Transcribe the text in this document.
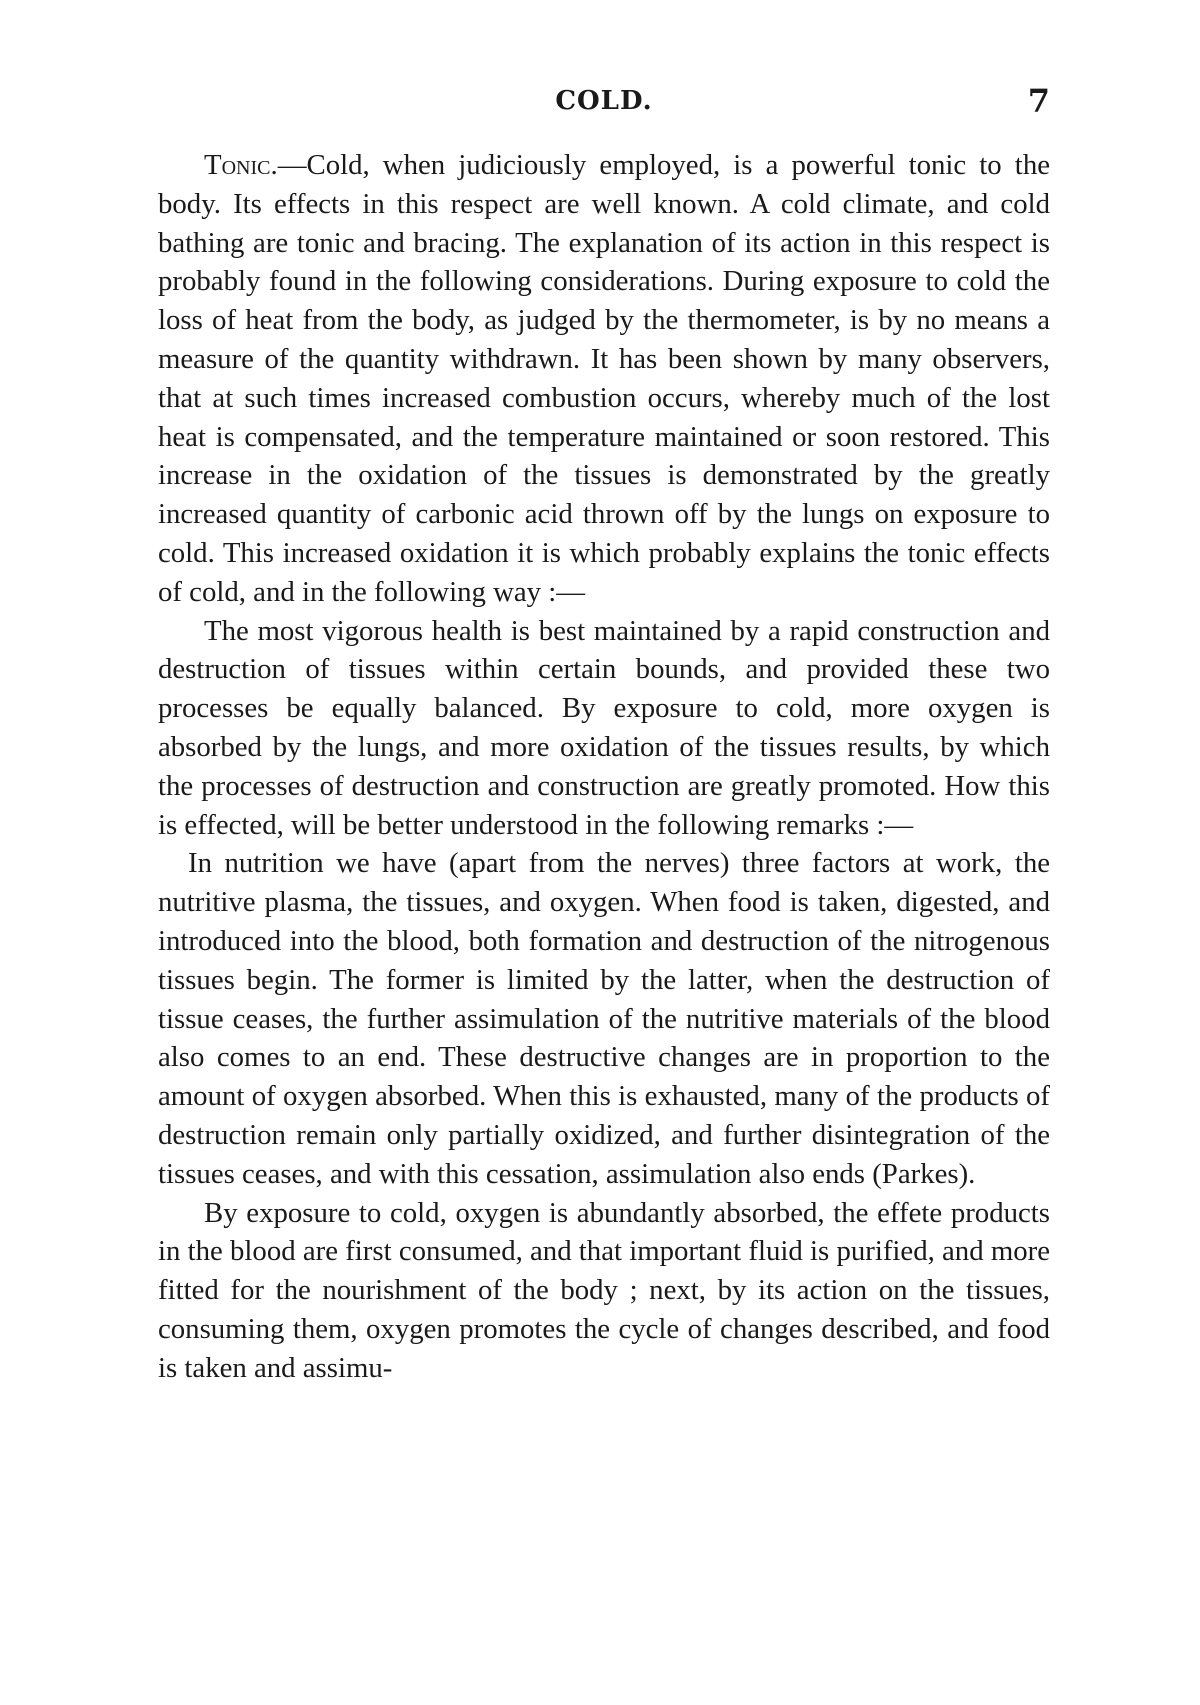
COLD.	7

Tonic.—Cold, when judiciously employed, is a powerful tonic to the body. Its effects in this respect are well known. A cold climate, and cold bathing are tonic and bracing. The explanation of its action in this respect is probably found in the following considerations. During exposure to cold the loss of heat from the body, as judged by the thermometer, is by no means a measure of the quantity withdrawn. It has been shown by many observers, that at such times increased combustion occurs, whereby much of the lost heat is compensated, and the temperature maintained or soon restored. This increase in the oxidation of the tissues is demonstrated by the greatly increased quantity of carbonic acid thrown off by the lungs on exposure to cold. This increased oxidation it is which probably explains the tonic effects of cold, and in the following way :—

The most vigorous health is best maintained by a rapid construction and destruction of tissues within certain bounds, and provided these two processes be equally balanced. By exposure to cold, more oxygen is absorbed by the lungs, and more oxidation of the tissues results, by which the processes of destruction and construction are greatly promoted. How this is effected, will be better understood in the following remarks :—

In nutrition we have (apart from the nerves) three factors at work, the nutritive plasma, the tissues, and oxygen. When food is taken, digested, and introduced into the blood, both formation and destruction of the nitrogenous tissues begin. The former is limited by the latter, when the destruction of tissue ceases, the further assimulation of the nutritive materials of the blood also comes to an end. These destructive changes are in proportion to the amount of oxygen absorbed. When this is exhausted, many of the products of destruction remain only partially oxidized, and further disintegration of the tissues ceases, and with this cessation, assimulation also ends (Parkes).

By exposure to cold, oxygen is abundantly absorbed, the effete products in the blood are first consumed, and that important fluid is purified, and more fitted for the nourishment of the body ; next, by its action on the tissues, consuming them, oxygen promotes the cycle of changes described, and food is taken and assimu-
